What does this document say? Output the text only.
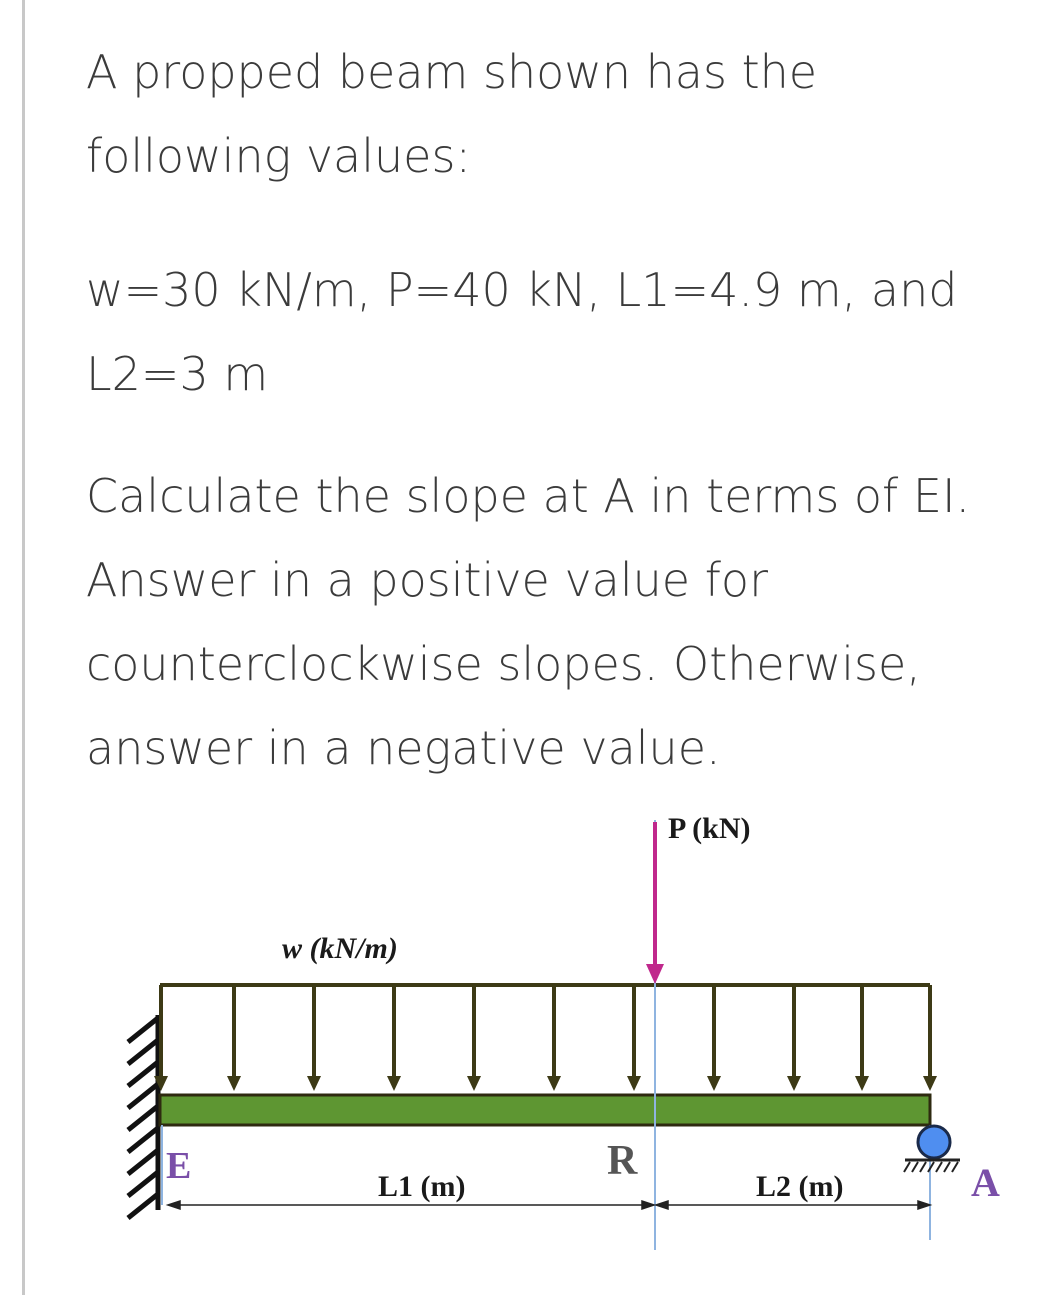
A propped beam shown has the following values:

w=30 kN/m, P=40 kN, L1=4.9 m, and L2=3 m

Calculate the slope at A in terms of EI. Answer in a positive value for counterclockwise slopes. Otherwise, answer in a negative value.

P (kN)
w (kN/m)
E	R	A
L1 (m)	L2 (m)
